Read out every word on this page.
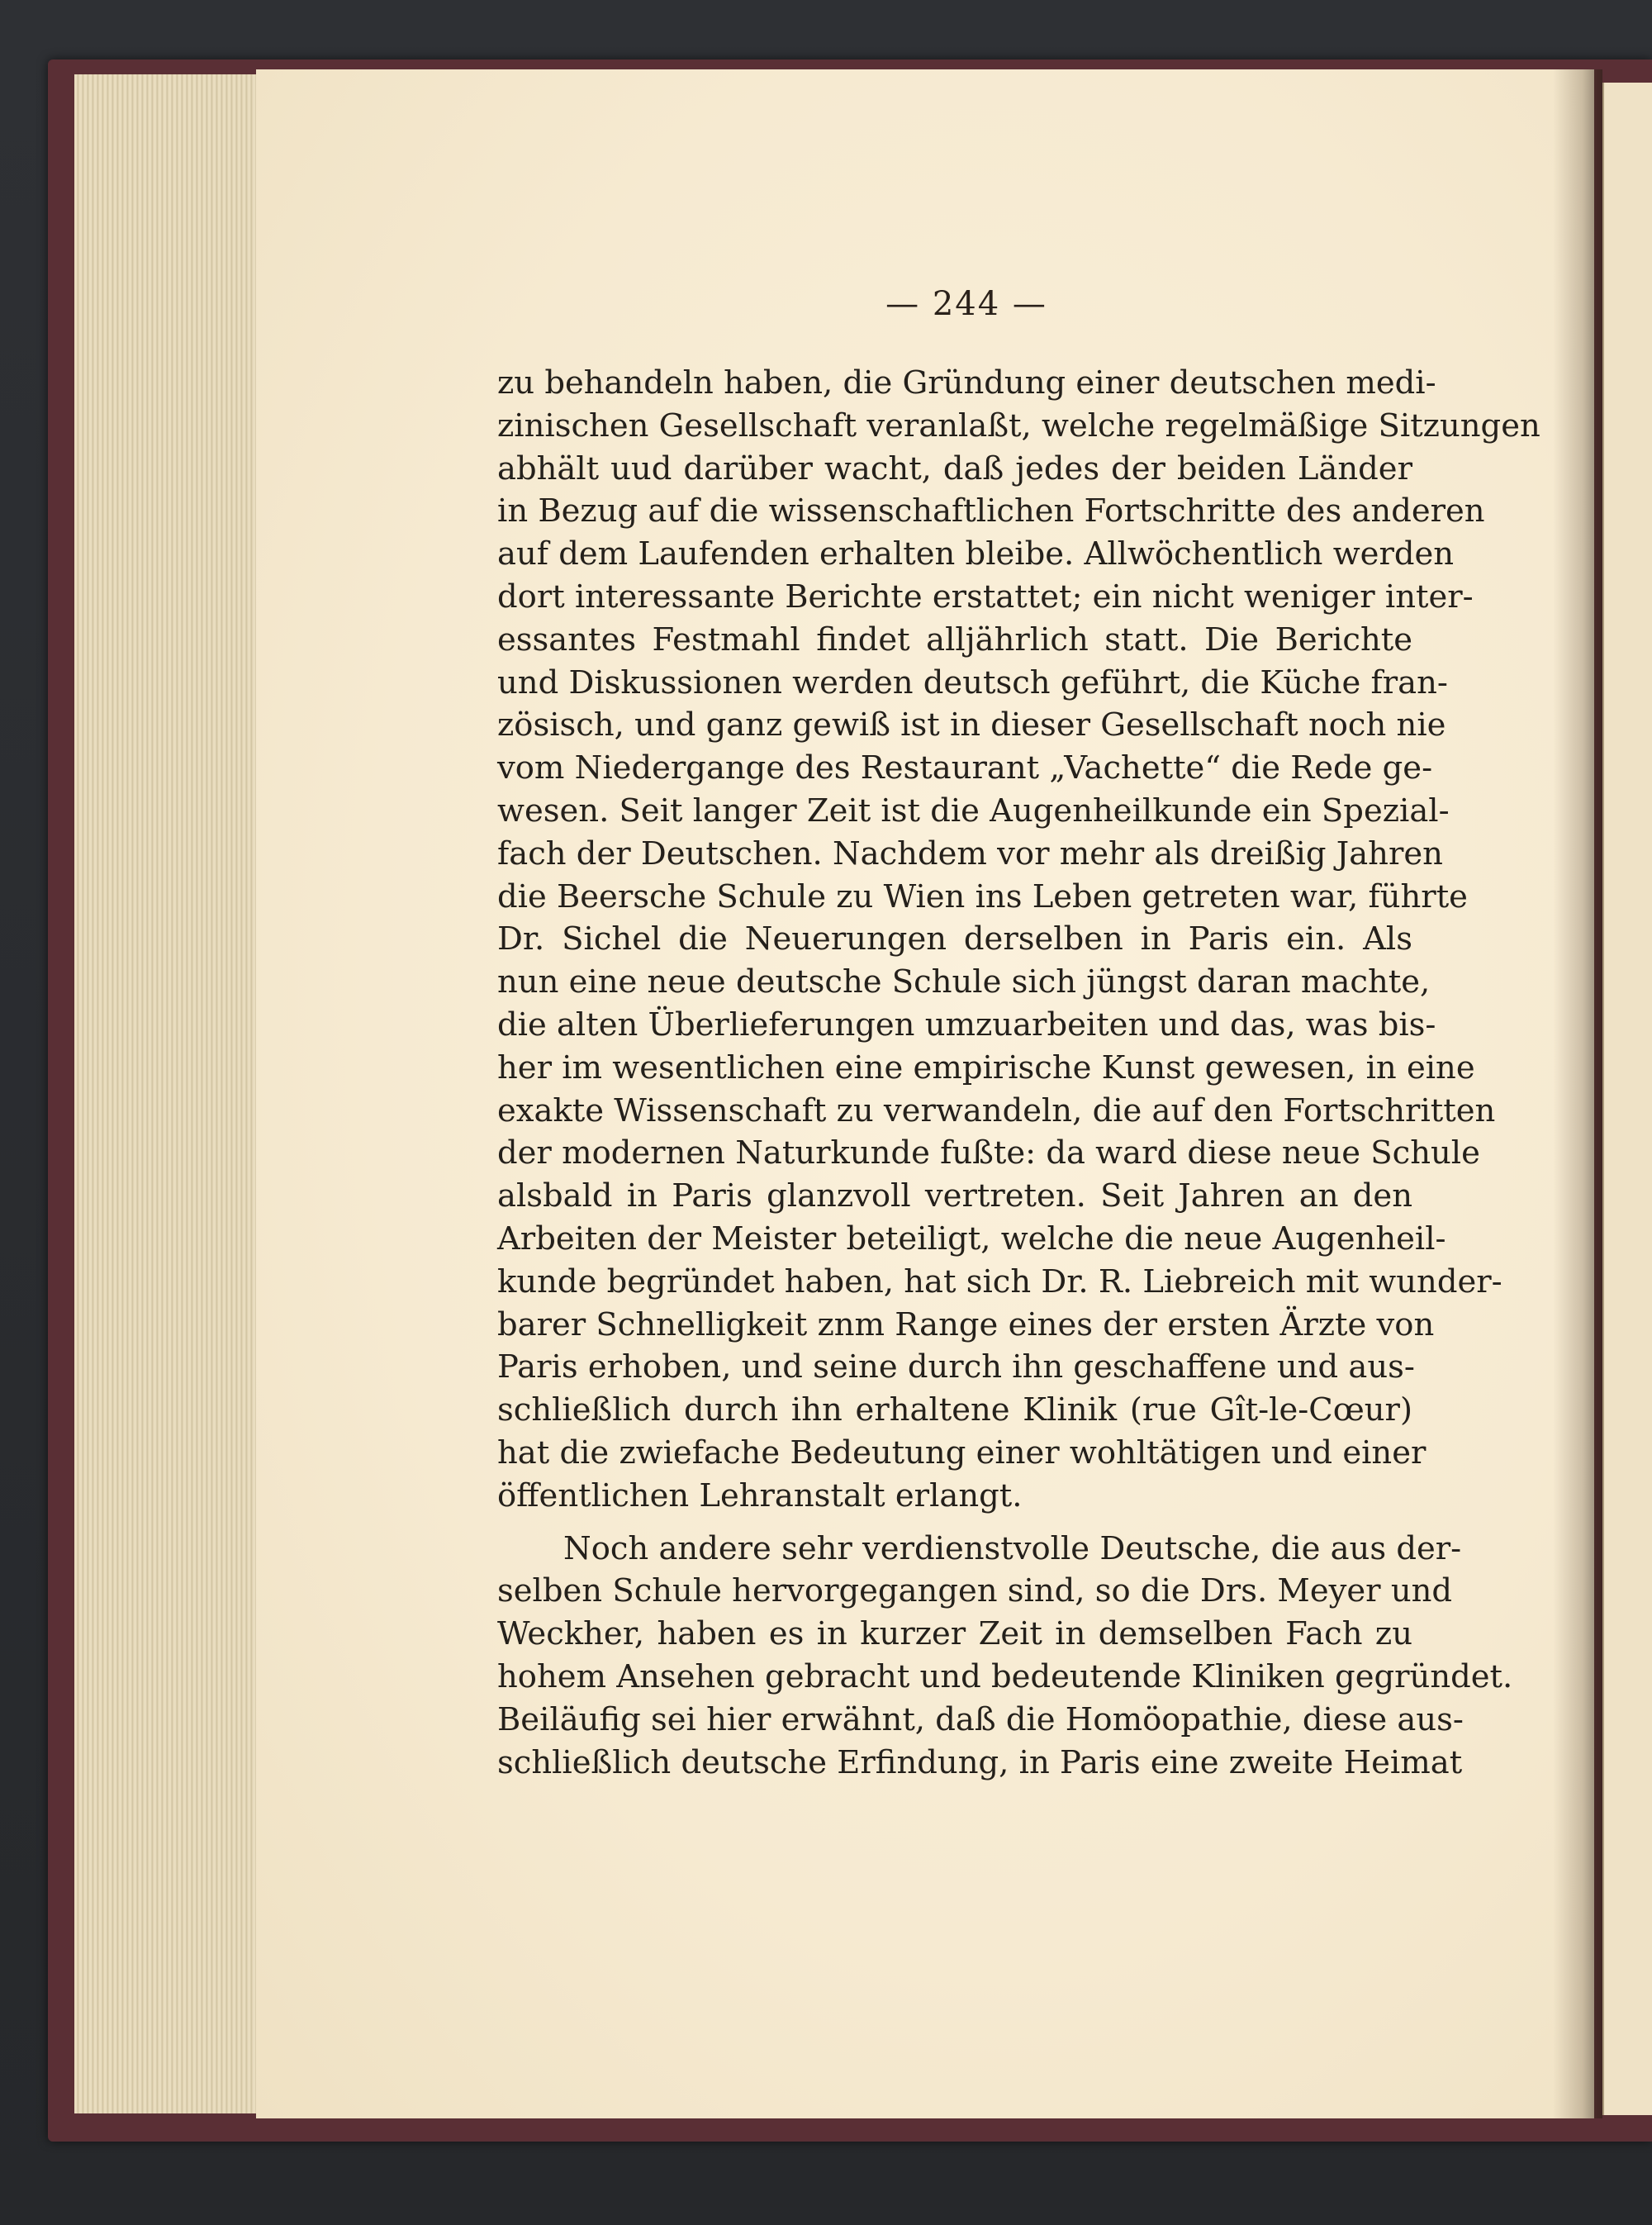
— 244 —
zu behandeln haben, die Gründung einer deutschen medi-
zinischen Gesellschaft veranlaßt, welche regelmäßige Sitzungen
abhält uud darüber wacht, daß jedes der beiden Länder
in Bezug auf die wissenschaftlichen Fortschritte des anderen
auf dem Laufenden erhalten bleibe. Allwöchentlich werden
dort interessante Berichte erstattet; ein nicht weniger inter-
essantes Festmahl findet alljährlich statt. Die Berichte
und Diskussionen werden deutsch geführt, die Küche fran-
zösisch, und ganz gewiß ist in dieser Gesellschaft noch nie
vom Niedergange des Restaurant „Vachette“ die Rede ge-
wesen. Seit langer Zeit ist die Augenheilkunde ein Spezial-
fach der Deutschen. Nachdem vor mehr als dreißig Jahren
die Beersche Schule zu Wien ins Leben getreten war, führte
Dr. Sichel die Neuerungen derselben in Paris ein. Als
nun eine neue deutsche Schule sich jüngst daran machte,
die alten Überlieferungen umzuarbeiten und das, was bis-
her im wesentlichen eine empirische Kunst gewesen, in eine
exakte Wissenschaft zu verwandeln, die auf den Fortschritten
der modernen Naturkunde fußte: da ward diese neue Schule
alsbald in Paris glanzvoll vertreten. Seit Jahren an den
Arbeiten der Meister beteiligt, welche die neue Augenheil-
kunde begründet haben, hat sich Dr. R. Liebreich mit wunder-
barer Schnelligkeit znm Range eines der ersten Ärzte von
Paris erhoben, und seine durch ihn geschaffene und aus-
schließlich durch ihn erhaltene Klinik (rue Gît-le-Cœur)
hat die zwiefache Bedeutung einer wohltätigen und einer
öffentlichen Lehranstalt erlangt.
Noch andere sehr verdienstvolle Deutsche, die aus der-
selben Schule hervorgegangen sind, so die Drs. Meyer und
Weckher, haben es in kurzer Zeit in demselben Fach zu
hohem Ansehen gebracht und bedeutende Kliniken gegründet.
Beiläufig sei hier erwähnt, daß die Homöopathie, diese aus-
schließlich deutsche Erfindung, in Paris eine zweite Heimat
